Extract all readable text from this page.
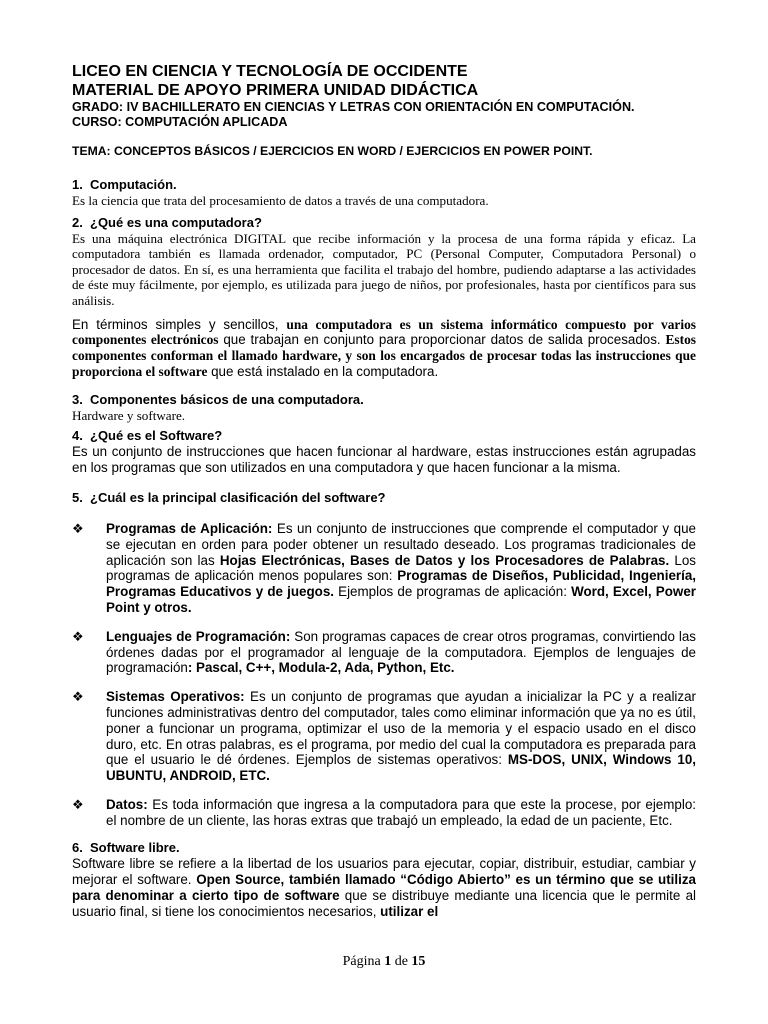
LICEO EN CIENCIA Y TECNOLOGÍA DE OCCIDENTE

MATERIAL DE APOYO PRIMERA UNIDAD DIDÁCTICA

GRADO: IV BACHILLERATO EN CIENCIAS Y LETRAS CON ORIENTACIÓN EN COMPUTACIÓN.

CURSO: COMPUTACIÓN APLICADA

TEMA: CONCEPTOS BÁSICOS / EJERCICIOS EN WORD / EJERCICIOS EN POWER POINT.

1. Computación.

Es la ciencia que trata del procesamiento de datos a través de una computadora.

2. ¿Qué es una computadora?

Es una máquina electrónica DIGITAL que recibe información y la procesa de una forma rápida y eficaz. La computadora también es llamada ordenador, computador, PC (Personal Computer, Computadora Personal) o procesador de datos. En sí, es una herramienta que facilita el trabajo del hombre, pudiendo adaptarse a las actividades de éste muy fácilmente, por ejemplo, es utilizada para juego de niños, por profesionales, hasta por científicos para sus análisis.

En términos simples y sencillos, una computadora es un sistema informático compuesto por varios componentes electrónicos que trabajan en conjunto para proporcionar datos de salida procesados. Estos componentes conforman el llamado hardware, y son los encargados de procesar todas las instrucciones que proporciona el software que está instalado en la computadora.

3. Componentes básicos de una computadora.

Hardware y software.

4. ¿Qué es el Software?

Es un conjunto de instrucciones que hacen funcionar al hardware, estas instrucciones están agrupadas en los programas que son utilizados en una computadora y que hacen funcionar a la misma.

5. ¿Cuál es la principal clasificación del software?
❖ Programas de Aplicación: Es un conjunto de instrucciones que comprende el computador y que se ejecutan en orden para poder obtener un resultado deseado. Los programas tradicionales de aplicación son las Hojas Electrónicas, Bases de Datos y los Procesadores de Palabras. Los programas de aplicación menos populares son: Programas de Diseños, Publicidad, Ingeniería, Programas Educativos y de juegos. Ejemplos de programas de aplicación: Word, Excel, Power Point y otros.

❖ Lenguajes de Programación: Son programas capaces de crear otros programas, convirtiendo las órdenes dadas por el programador al lenguaje de la computadora. Ejemplos de lenguajes de programación: Pascal, C++, Modula-2, Ada, Python, Etc.

❖ Sistemas Operativos: Es un conjunto de programas que ayudan a inicializar la PC y a realizar funciones administrativas dentro del computador, tales como eliminar información que ya no es útil, poner a funcionar un programa, optimizar el uso de la memoria y el espacio usado en el disco duro, etc. En otras palabras, es el programa, por medio del cual la computadora es preparada para que el usuario le dé órdenes. Ejemplos de sistemas operativos: MS-DOS, UNIX, Windows 10, UBUNTU, ANDROID, ETC.

❖ Datos: Es toda información que ingresa a la computadora para que este la procese, por ejemplo: el nombre de un cliente, las horas extras que trabajó un empleado, la edad de un paciente, Etc.

6. Software libre.

Software libre se refiere a la libertad de los usuarios para ejecutar, copiar, distribuir, estudiar, cambiar y mejorar el software. Open Source, también llamado “Código Abierto” es un término que se utiliza para denominar a cierto tipo de software que se distribuye mediante una licencia que le permite al usuario final, si tiene los conocimientos necesarios, utilizar el

Página 1 de 15
